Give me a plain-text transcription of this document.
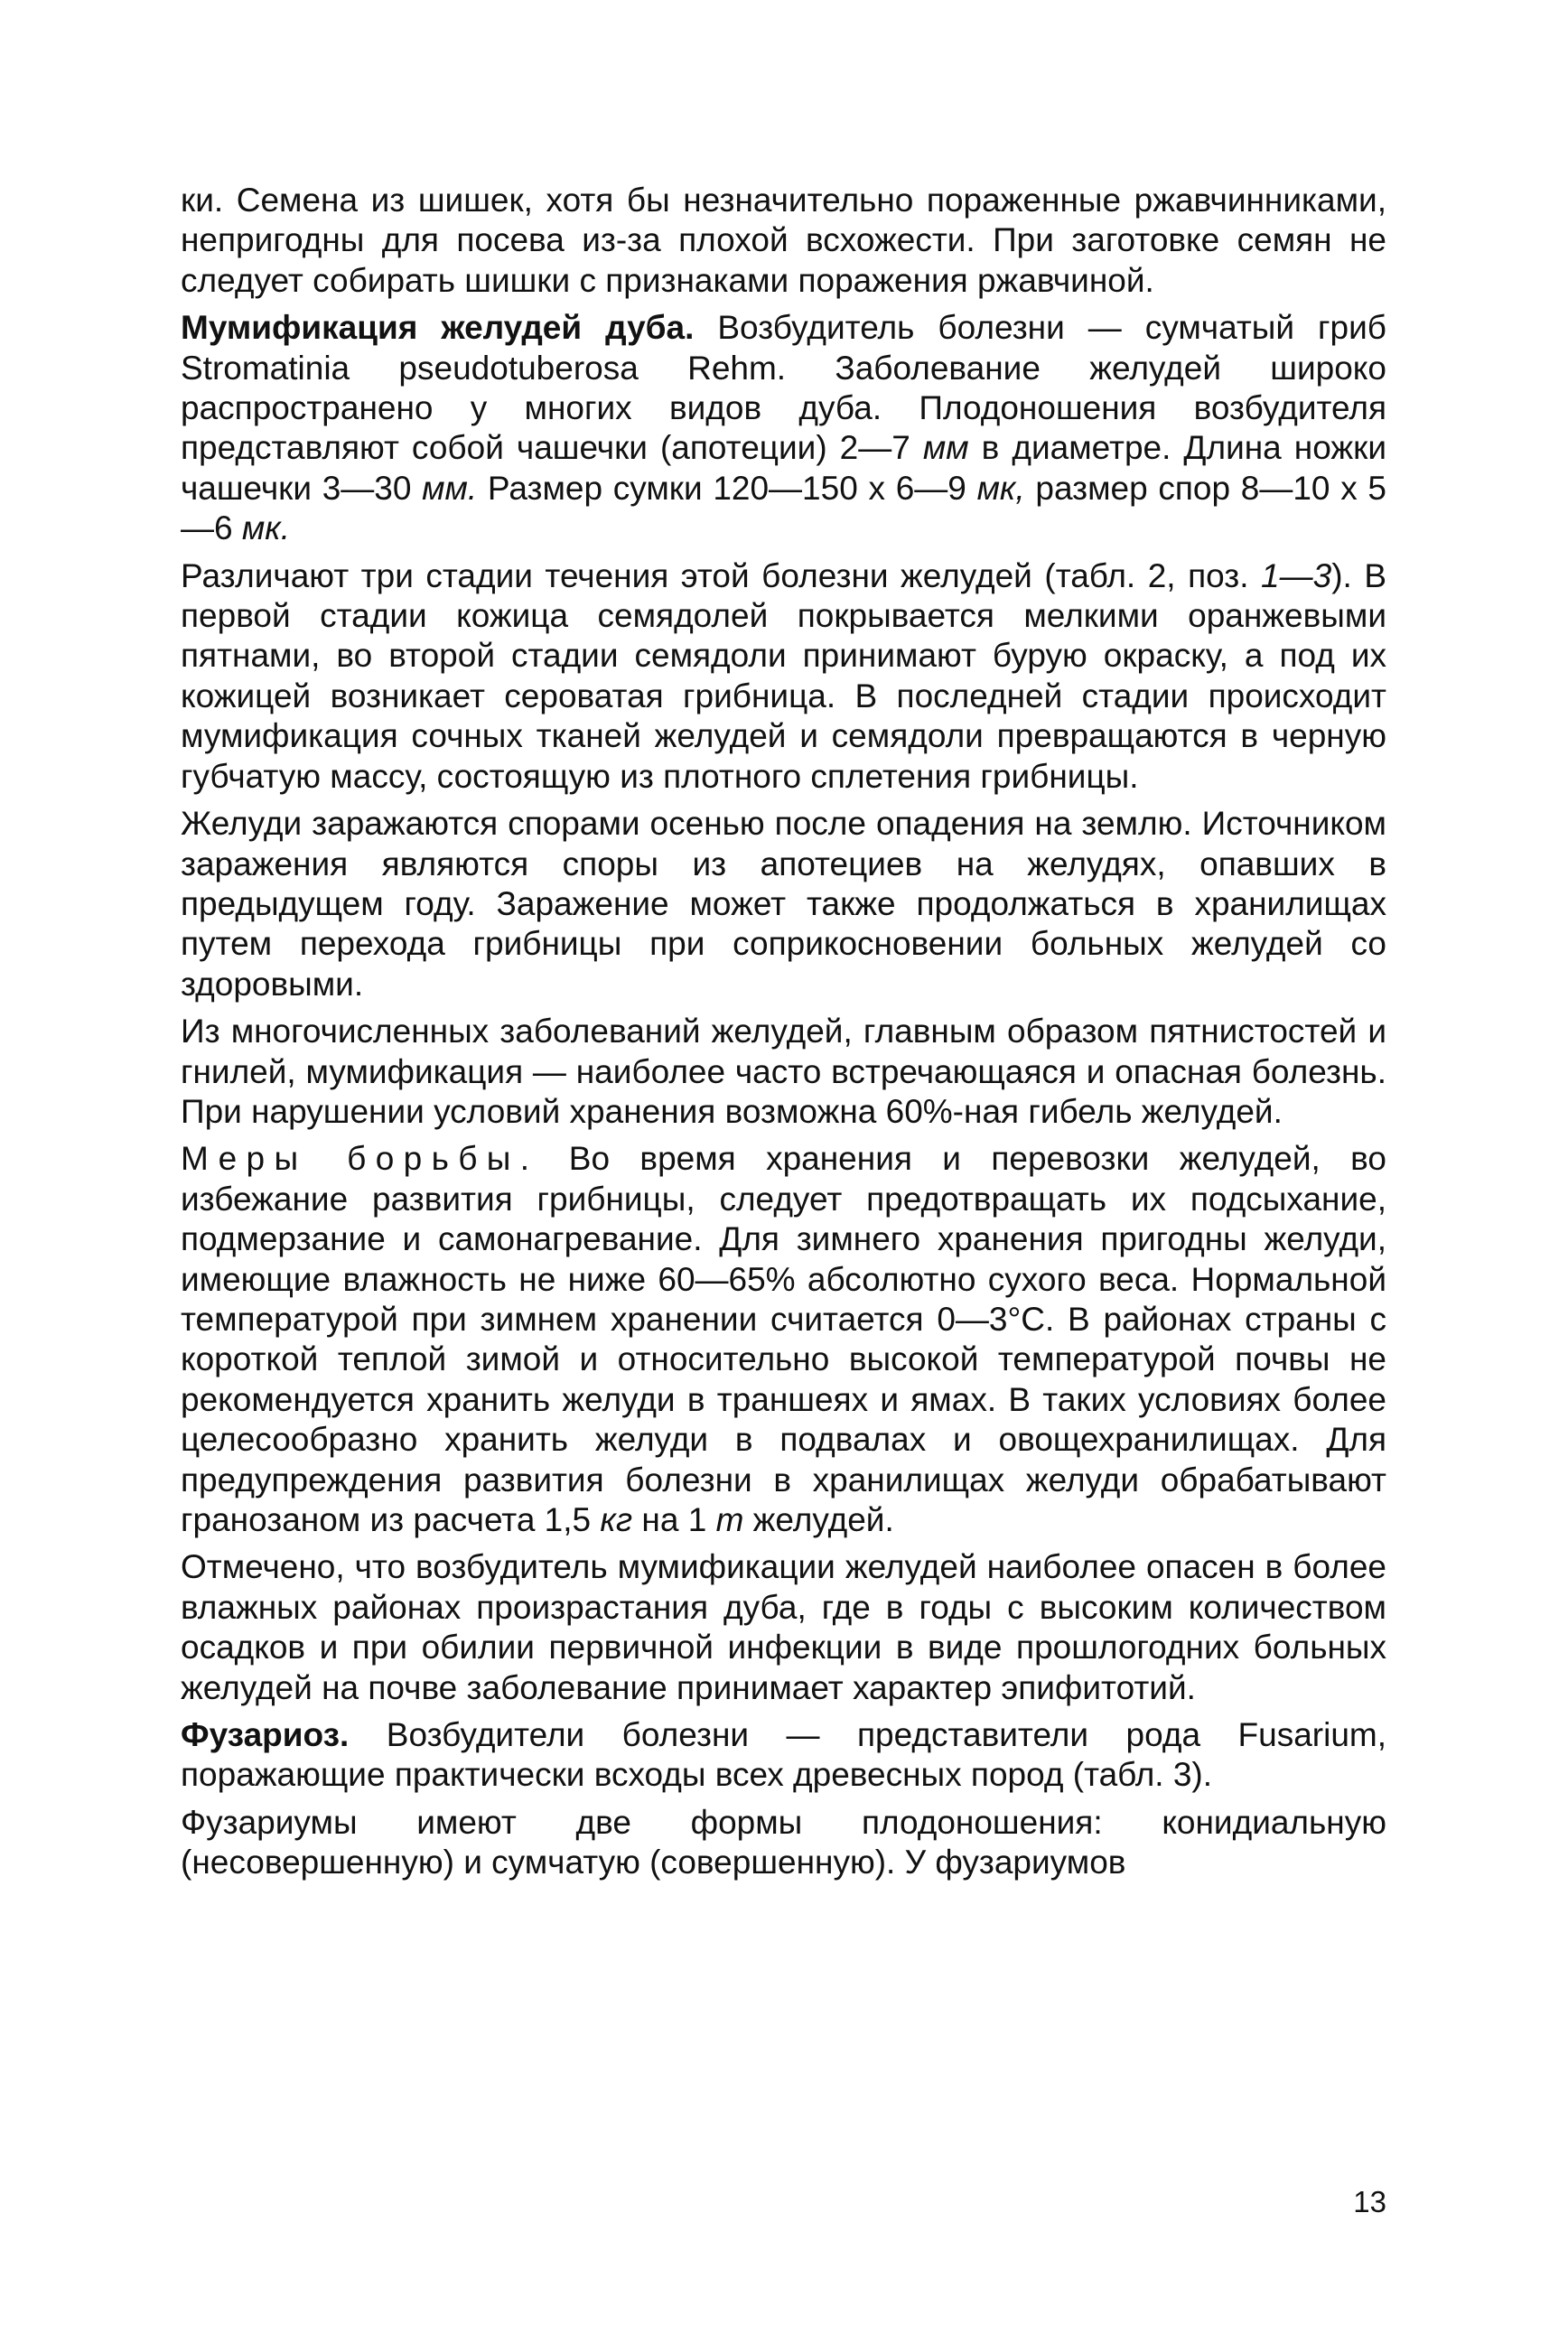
ки. Семена из шишек, хотя бы незначительно пораженные ржавчинниками, непригодны для посева из-за плохой всхожести. При заготовке семян не следует собирать шишки с признаками поражения ржавчиной.

Мумификация желудей дуба. Возбудитель болезни — сумчатый гриб Stromatinia pseudotuberosa Rehm. Заболевание желудей широко распространено у многих видов дуба. Плодоношения возбудителя представляют собой чашечки (апотеции) 2—7 мм в диаметре. Длина ножки чашечки 3—30 мм. Размер сумки 120—150 x 6—9 мк, размер спор 8—10 x 5—6 мк.

Различают три стадии течения этой болезни желудей (табл. 2, поз. 1—3). В первой стадии кожица семядолей покрывается мелкими оранжевыми пятнами, во второй стадии семядоли принимают бурую окраску, а под их кожицей возникает сероватая грибница. В последней стадии происходит мумификация сочных тканей желудей и семядоли превращаются в черную губчатую массу, состоящую из плотного сплетения грибницы.

Желуди заражаются спорами осенью после опадения на землю. Источником заражения являются споры из апотециев на желудях, опавших в предыдущем году. Заражение может также продолжаться в хранилищах путем перехода грибницы при соприкосновении больных желудей со здоровыми.

Из многочисленных заболеваний желудей, главным образом пятнистостей и гнилей, мумификация — наиболее часто встречающаяся и опасная болезнь. При нарушении условий хранения возможна 60%-ная гибель желудей.

Меры борьбы. Во время хранения и перевозки желудей, во избежание развития грибницы, следует предотвращать их подсыхание, подмерзание и самонагревание. Для зимнего хранения пригодны желуди, имеющие влажность не ниже 60—65% абсолютно сухого веса. Нормальной температурой при зимнем хранении считается 0—3°С. В районах страны с короткой теплой зимой и относительно высокой температурой почвы не рекомендуется хранить желуди в траншеях и ямах. В таких условиях более целесообразно хранить желуди в подвалах и овощехранилищах. Для предупреждения развития болезни в хранилищах желуди обрабатывают гранозаном из расчета 1,5 кг на 1 т желудей.

Отмечено, что возбудитель мумификации желудей наиболее опасен в более влажных районах произрастания дуба, где в годы с высоким количеством осадков и при обилии первичной инфекции в виде прошлогодних больных желудей на почве заболевание принимает характер эпифитотий.

Фузариоз. Возбудители болезни — представители рода Fusarium, поражающие практически всходы всех древесных пород (табл. 3).

Фузариумы имеют две формы плодоношения: конидиальную (несовершенную) и сумчатую (совершенную). У фузариумов

13
